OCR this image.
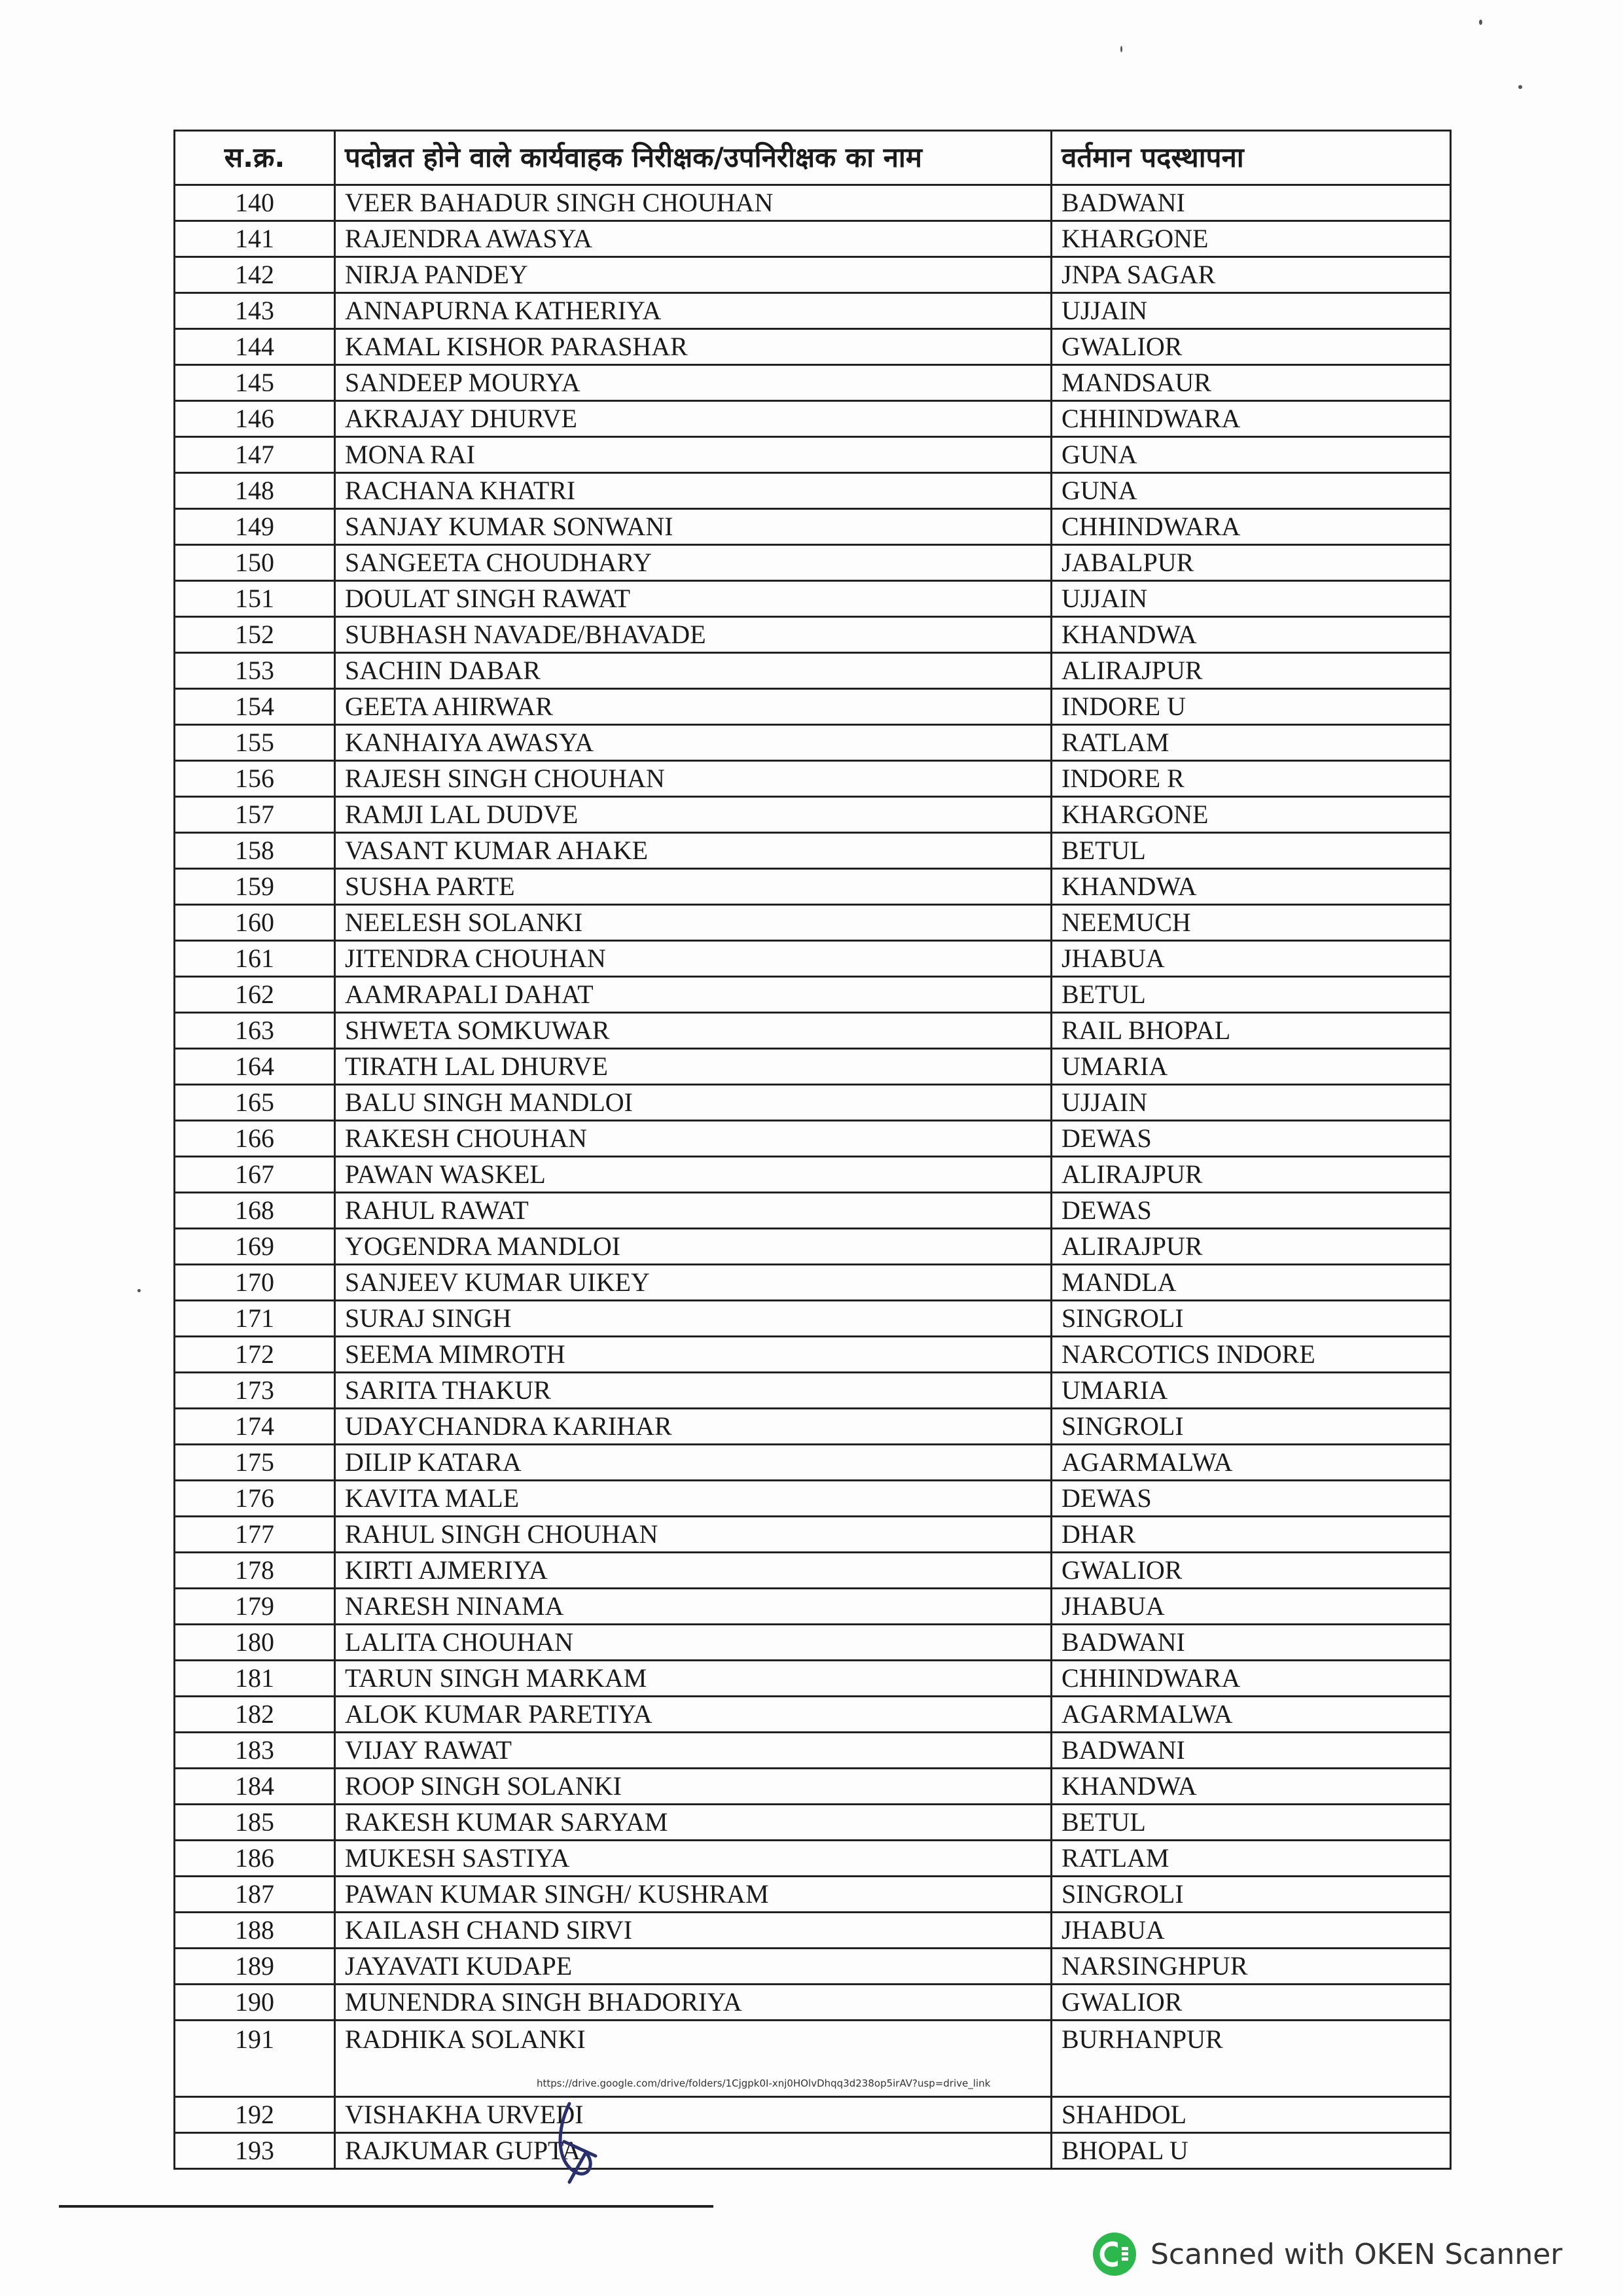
स.क्र.	पदोन्नत होने वाले कार्यवाहक निरीक्षक/उपनिरीक्षक का नाम	वर्तमान पदस्थापना
140	VEER BAHADUR SINGH CHOUHAN	BADWANI
141	RAJENDRA AWASYA	KHARGONE
142	NIRJA PANDEY	JNPA SAGAR
143	ANNAPURNA KATHERIYA	UJJAIN
144	KAMAL KISHOR PARASHAR	GWALIOR
145	SANDEEP MOURYA	MANDSAUR
146	AKRAJAY DHURVE	CHHINDWARA
147	MONA RAI	GUNA
148	RACHANA KHATRI	GUNA
149	SANJAY KUMAR SONWANI	CHHINDWARA
150	SANGEETA CHOUDHARY	JABALPUR
151	DOULAT SINGH RAWAT	UJJAIN
152	SUBHASH NAVADE/BHAVADE	KHANDWA
153	SACHIN DABAR	ALIRAJPUR
154	GEETA AHIRWAR	INDORE U
155	KANHAIYA AWASYA	RATLAM
156	RAJESH SINGH CHOUHAN	INDORE R
157	RAMJI LAL DUDVE	KHARGONE
158	VASANT KUMAR AHAKE	BETUL
159	SUSHA PARTE	KHANDWA
160	NEELESH SOLANKI	NEEMUCH
161	JITENDRA CHOUHAN	JHABUA
162	AAMRAPALI DAHAT	BETUL
163	SHWETA SOMKUWAR	RAIL BHOPAL
164	TIRATH LAL DHURVE	UMARIA
165	BALU SINGH MANDLOI	UJJAIN
166	RAKESH CHOUHAN	DEWAS
167	PAWAN WASKEL	ALIRAJPUR
168	RAHUL RAWAT	DEWAS
169	YOGENDRA MANDLOI	ALIRAJPUR
170	SANJEEV KUMAR UIKEY	MANDLA
171	SURAJ SINGH	SINGROLI
172	SEEMA MIMROTH	NARCOTICS INDORE
173	SARITA THAKUR	UMARIA
174	UDAYCHANDRA KARIHAR	SINGROLI
175	DILIP KATARA	AGARMALWA
176	KAVITA MALE	DEWAS
177	RAHUL SINGH CHOUHAN	DHAR
178	KIRTI AJMERIYA	GWALIOR
179	NARESH NINAMA	JHABUA
180	LALITA CHOUHAN	BADWANI
181	TARUN SINGH MARKAM	CHHINDWARA
182	ALOK KUMAR PARETIYA	AGARMALWA
183	VIJAY RAWAT	BADWANI
184	ROOP SINGH SOLANKI	KHANDWA
185	RAKESH KUMAR SARYAM	BETUL
186	MUKESH SASTIYA	RATLAM
187	PAWAN KUMAR SINGH/ KUSHRAM	SINGROLI
188	KAILASH CHAND SIRVI	JHABUA
189	JAYAVATI KUDAPE	NARSINGHPUR
190	MUNENDRA SINGH BHADORIYA	GWALIOR
191	RADHIKA SOLANKI	BURHANPUR
192	VISHAKHA URVEDI	SHAHDOL
193	RAJKUMAR GUPTA	BHOPAL U
https://drive.google.com/drive/folders/1Cjgpk0I-xnj0HOlvDhqq3d238op5irAV?usp=drive_link
Scanned with OKEN Scanner
